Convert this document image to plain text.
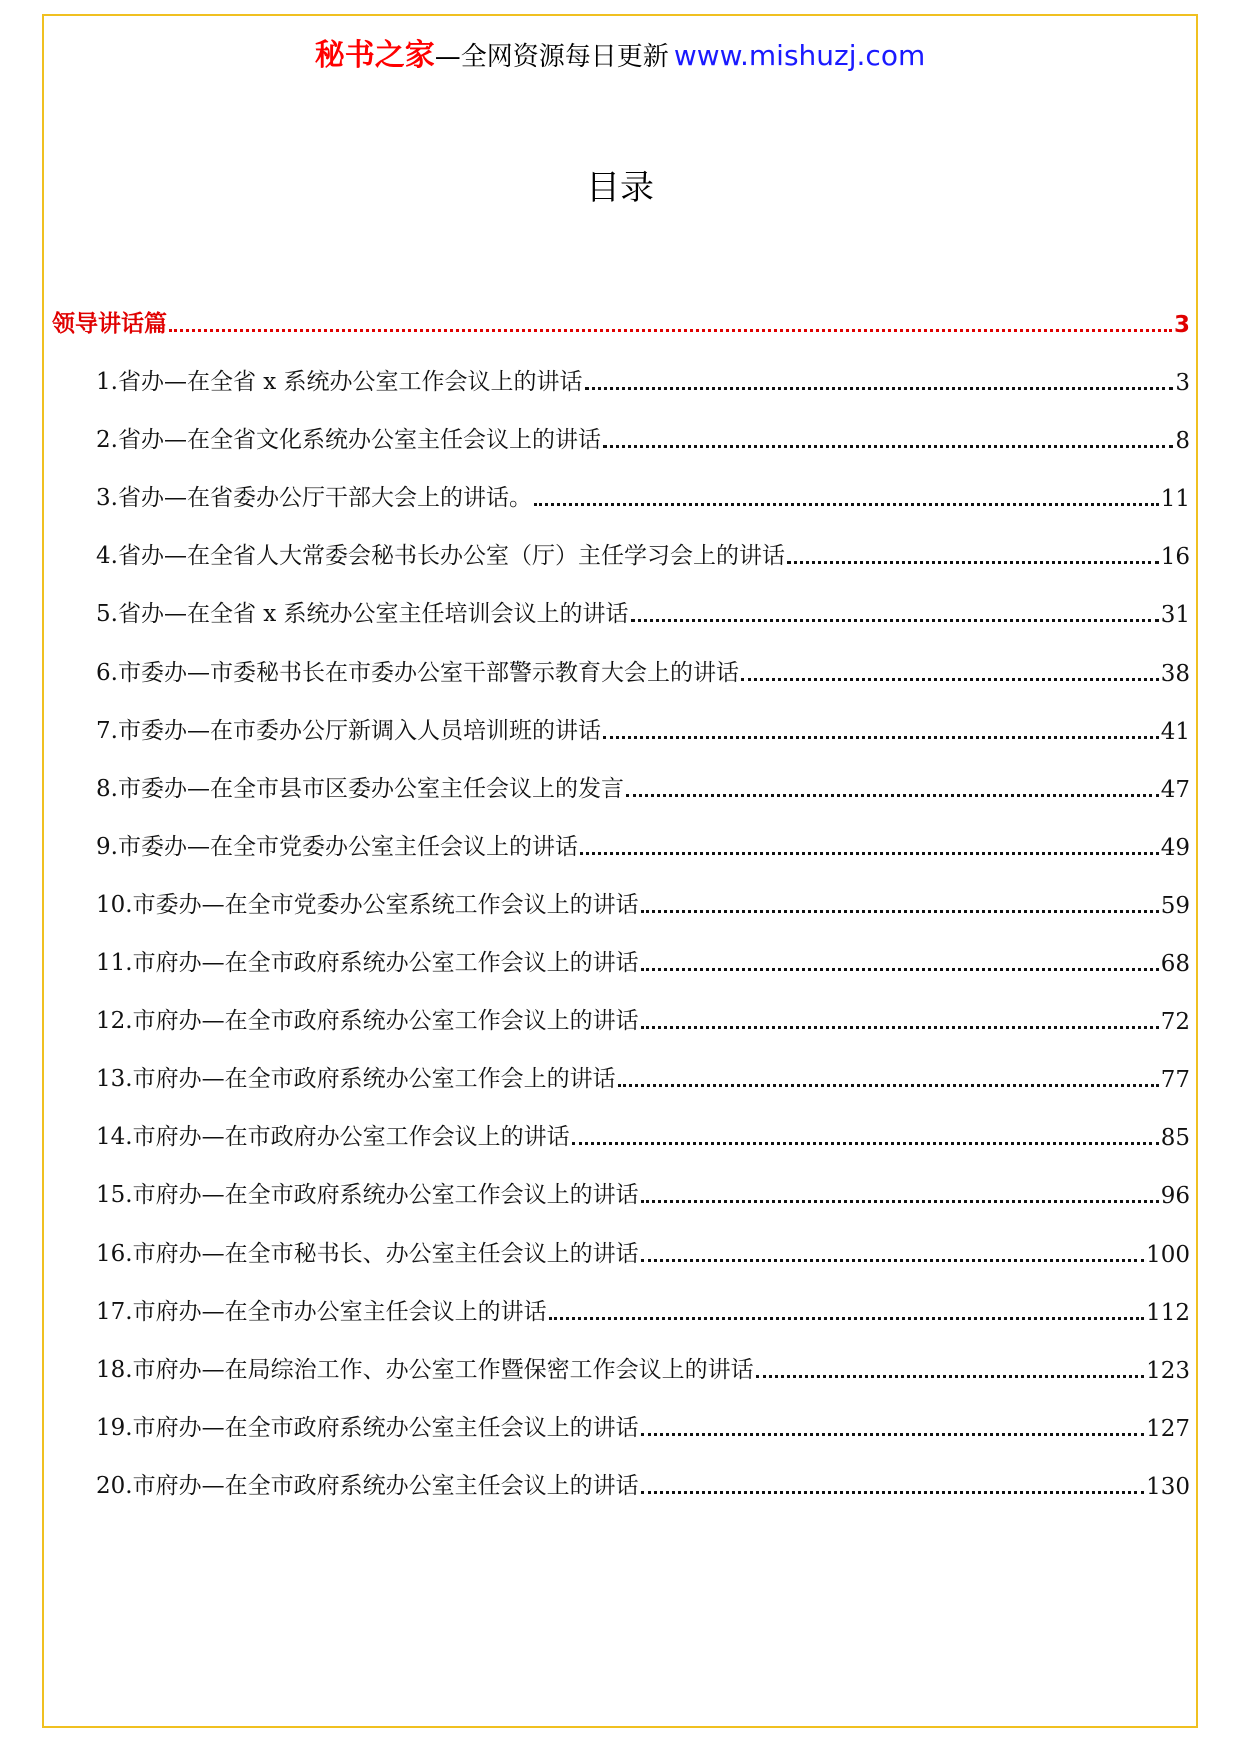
秘书之家—全网资源每日更新 www.mishuzj.com
目录
领导讲话篇	3
1.省办—在全省 x 系统办公室工作会议上的讲话	3
2.省办—在全省文化系统办公室主任会议上的讲话	8
3.省办—在省委办公厅干部大会上的讲话。	11
4.省办—在全省人大常委会秘书长办公室（厅）主任学习会上的讲话	16
5.省办—在全省 x 系统办公室主任培训会议上的讲话	31
6.市委办—市委秘书长在市委办公室干部警示教育大会上的讲话	38
7.市委办—在市委办公厅新调入人员培训班的讲话	41
8.市委办—在全市县市区委办公室主任会议上的发言	47
9.市委办—在全市党委办公室主任会议上的讲话	49
10.市委办—在全市党委办公室系统工作会议上的讲话	59
11.市府办—在全市政府系统办公室工作会议上的讲话	68
12.市府办—在全市政府系统办公室工作会议上的讲话	72
13.市府办—在全市政府系统办公室工作会上的讲话	77
14.市府办—在市政府办公室工作会议上的讲话	85
15.市府办—在全市政府系统办公室工作会议上的讲话	96
16.市府办—在全市秘书长、办公室主任会议上的讲话	100
17.市府办—在全市办公室主任会议上的讲话	112
18.市府办—在局综治工作、办公室工作暨保密工作会议上的讲话	123
19.市府办—在全市政府系统办公室主任会议上的讲话	127
20.市府办—在全市政府系统办公室主任会议上的讲话	130
